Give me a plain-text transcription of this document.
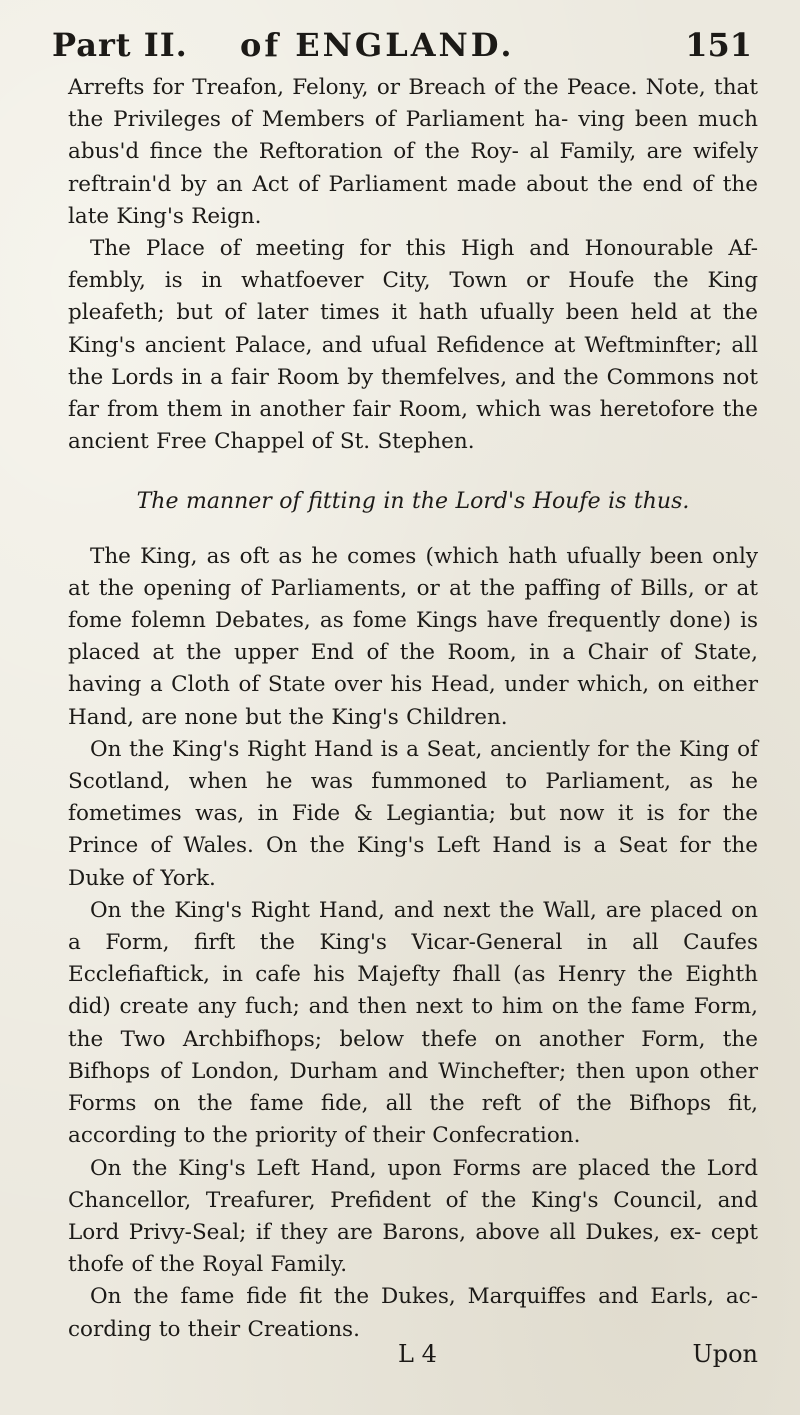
Part II. of ENGLAND.	151

Arrefts for Treafon, Felony, or Breach of the Peace. Note, that the Privileges of Members of Parliament ha- ving been much abus'd fince the Reftoration of the Roy- al Family, are wifely reftrain'd by an Act of Parliament made about the end of the late King's Reign.

The Place of meeting for this High and Honourable Af- fembly, is in whatfoever City, Town or Houfe the King pleafeth; but of later times it hath ufually been held at the King's ancient Palace, and ufual Refidence at Weftminfter; all the Lords in a fair Room by themfelves, and the Commons not far from them in another fair Room, which was heretofore the ancient Free Chappel of St. Stephen.

The manner of fitting in the Lord's Houfe is thus.

The King, as oft as he comes (which hath ufually been only at the opening of Parliaments, or at the paffing of Bills, or at fome folemn Debates, as fome Kings have frequently done) is placed at the upper End of the Room, in a Chair of State, having a Cloth of State over his Head, under which, on either Hand, are none but the King's Children.

On the King's Right Hand is a Seat, anciently for the King of Scotland, when he was fummoned to Parliament, as he fometimes was, in Fide & Legiantia; but now it is for the Prince of Wales. On the King's Left Hand is a Seat for the Duke of York.

On the King's Right Hand, and next the Wall, are placed on a Form, firft the King's Vicar-General in all Caufes Ecclefiaftick, in cafe his Majefty fhall (as Henry the Eighth did) create any fuch; and then next to him on the fame Form, the Two Archbifhops; below thefe on another Form, the Bifhops of London, Durham and Winchefter; then upon other Forms on the fame fide, all the reft of the Bifhops fit, according to the priority of their Confecration.

On the King's Left Hand, upon Forms are placed the Lord Chancellor, Treafurer, Prefident of the King's Council, and Lord Privy-Seal; if they are Barons, above all Dukes, ex- cept thofe of the Royal Family.

On the fame fide fit the Dukes, Marquiffes and Earls, ac- cording to their Creations.

L 4	Upon
